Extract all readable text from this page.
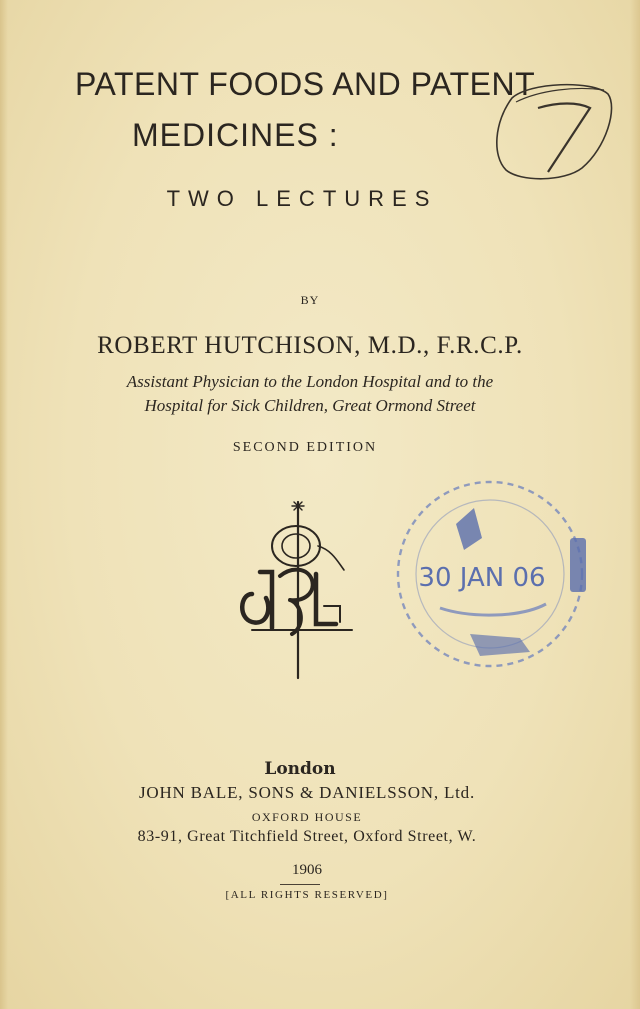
PATENT FOODS AND PATENT
MEDICINES :
TWO LECTURES
BY
ROBERT HUTCHISON, M.D., F.R.C.P.
Assistant Physician to the London Hospital and to the
Hospital for Sick Children, Great Ormond Street
SECOND EDITION
30 JAN 06
London
JOHN BALE, SONS & DANIELSSON, Ltd.
OXFORD HOUSE
83-91, Great Titchfield Street, Oxford Street, W.
1906
[ALL RIGHTS RESERVED]
